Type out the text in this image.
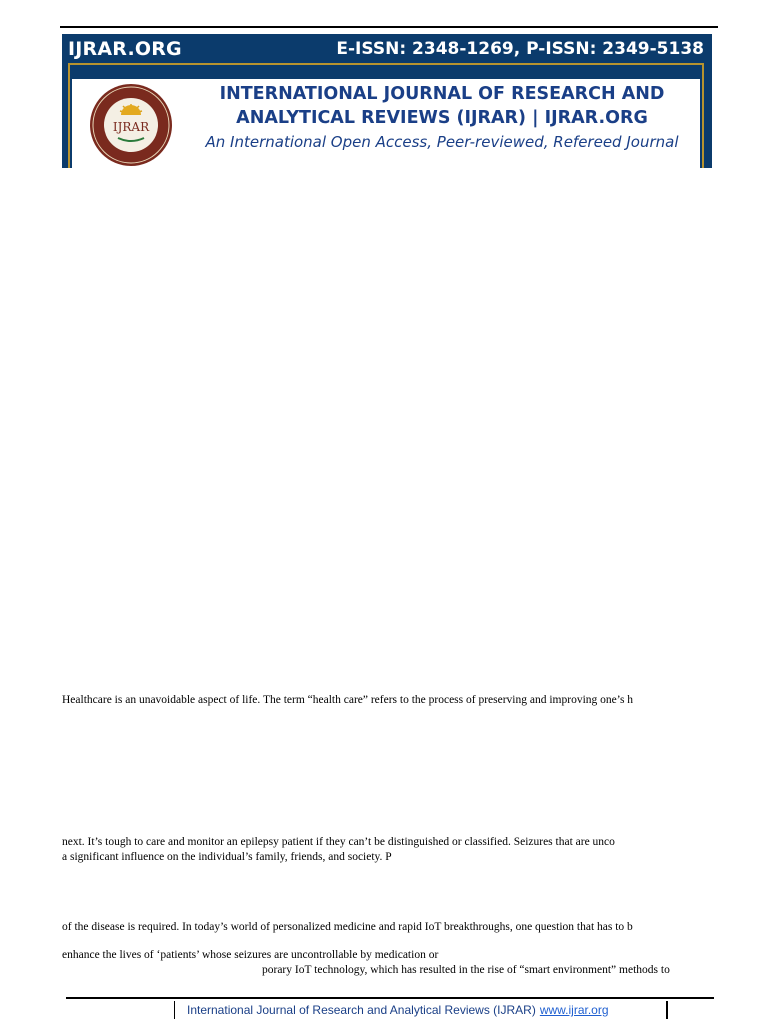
IJRAR.ORG	E-ISSN: 2348-1269, P-ISSN: 2349-5138
IJRAR
INTERNATIONAL JOURNAL OF RESEARCH AND
ANALYTICAL REVIEWS (IJRAR) | IJRAR.ORG
An International Open Access, Peer-reviewed, Refereed Journal
Healthcare is an unavoidable aspect of life. The term “health care” refers to the process of preserving and improving one’s h
next. It’s tough to care and monitor an epilepsy patient if they can’t be distinguished or classified. Seizures that are unco
a significant influence on the individual’s family, friends, and society. P
of the disease is required. In today’s world of personalized medicine and rapid IoT breakthroughs, one question that has to b
enhance the lives of ‘patients’ whose seizures are uncontrollable by medication or
porary IoT technology, which has resulted in the rise of “smart environment” methods to
International Journal of Research and Analytical Reviews (IJRAR) www.ijrar.org
